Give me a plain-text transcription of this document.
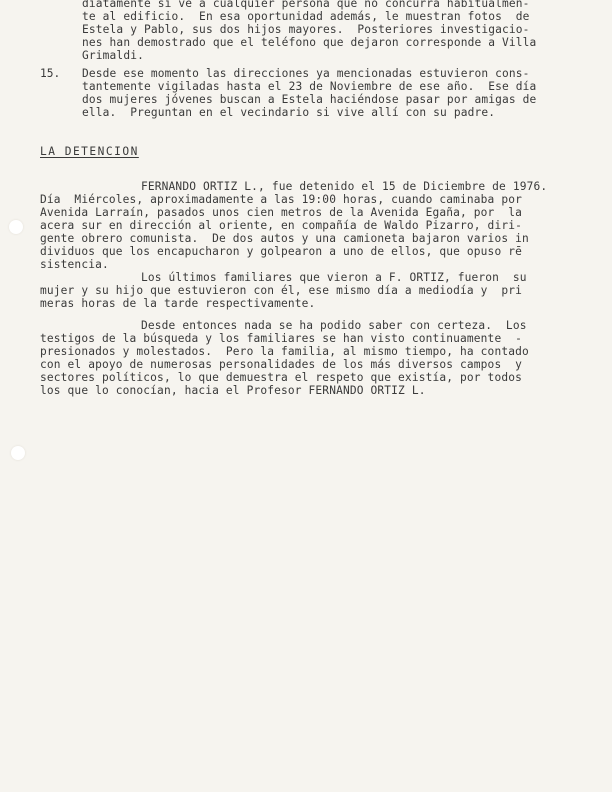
diatamente si ve a cualquier persona que no concurra habitualmen-
te al edificio.  En esa oportunidad además, le muestran fotos  de
Estela y Pablo, sus dos hijos mayores.  Posteriores investigacio-
nes han demostrado que el teléfono que dejaron corresponde a Villa
Grimaldi.
15. Desde ese momento las direcciones ya mencionadas estuvieron cons-
tantemente vigiladas hasta el 23 de Noviembre de ese año.  Ese día
dos mujeres jóvenes buscan a Estela haciéndose pasar por amigas de
ella.  Preguntan en el vecindario si vive allí con su padre.
LA DETENCION
FERNANDO ORTIZ L., fue detenido el 15 de Diciembre de 1976.
Día  Miércoles, aproximadamente a las 19:00 horas, cuando caminaba por
Avenida Larraín, pasados unos cien metros de la Avenida Egaña, por  la
acera sur en dirección al oriente, en compañía de Waldo Pizarro, diri-
gente obrero comunista.  De dos autos y una camioneta bajaron varios in
dividuos que los encapucharon y golpearon a uno de ellos, que opuso rē
sistencia.
Los últimos familiares que vieron a F. ORTIZ, fueron  su
mujer y su hijo que estuvieron con él, ese mismo día a mediodía y  pri
meras horas de la tarde respectivamente.
Desde entonces nada se ha podido saber con certeza.  Los
testigos de la búsqueda y los familiares se han visto continuamente  -
presionados y molestados.  Pero la familia, al mismo tiempo, ha contado
con el apoyo de numerosas personalidades de los más diversos campos  y
sectores políticos, lo que demuestra el respeto que existía, por todos
los que lo conocían, hacia el Profesor FERNANDO ORTIZ L.
